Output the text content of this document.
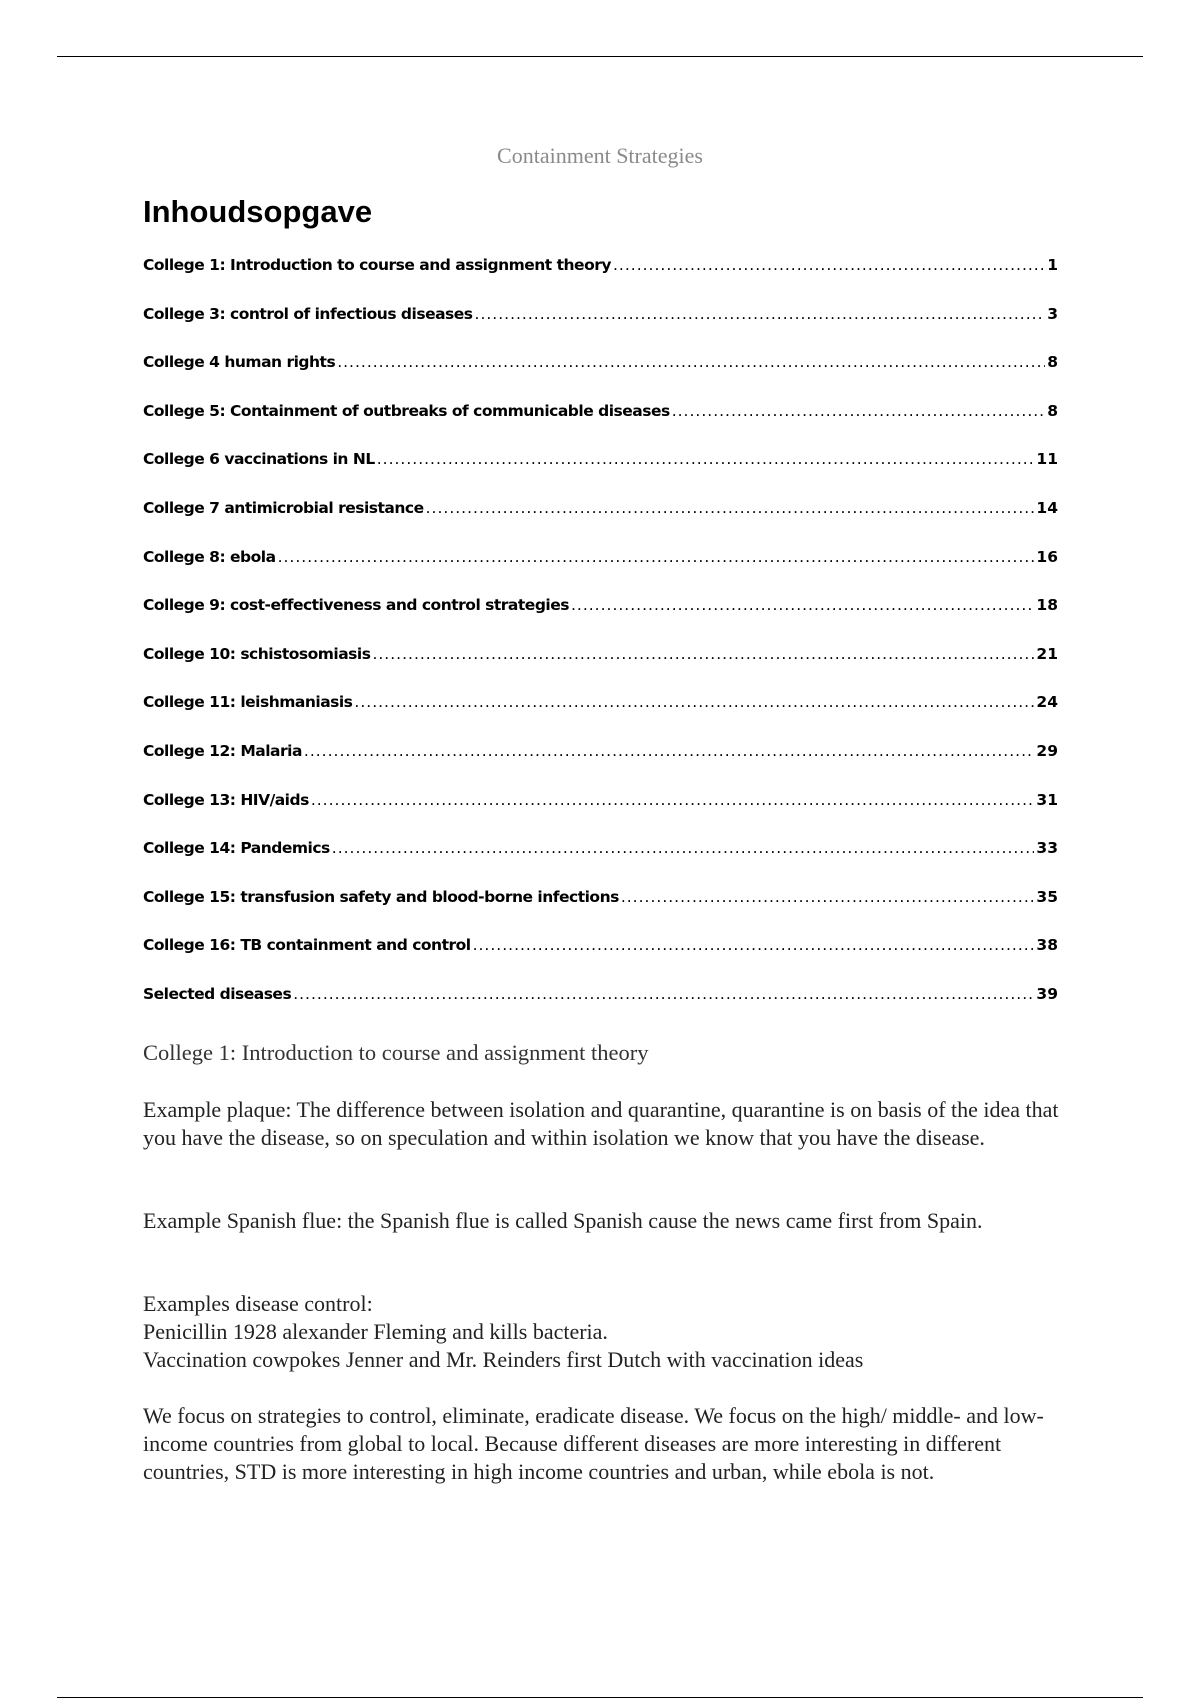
Containment Strategies
Inhoudsopgave
College 1: Introduction to course and assignment theory .....	1
College 3: control of infectious diseases .....	3
College 4 human rights .....	8
College 5: Containment of outbreaks of communicable diseases .....	8
College 6 vaccinations in NL .....	11
College 7 antimicrobial resistance .....	14
College 8: ebola .....	16
College 9: cost-effectiveness and control strategies .....	18
College 10: schistosomiasis .....	21
College 11: leishmaniasis .....	24
College 12: Malaria .....	29
College 13: HIV/aids .....	31
College 14: Pandemics .....	33
College 15: transfusion safety and blood-borne infections .....	35
College 16: TB containment and control .....	38
Selected diseases .....	39
College 1: Introduction to course and assignment theory

Example plaque: The difference between isolation and quarantine, quarantine is on basis of the idea that you have the disease, so on speculation and within isolation we know that you have the disease.

Example Spanish flue: the Spanish flue is called Spanish cause the news came first from Spain.

Examples disease control:
Penicillin 1928 alexander Fleming and kills bacteria.
Vaccination cowpokes Jenner and Mr. Reinders first Dutch with vaccination ideas

We focus on strategies to control, eliminate, eradicate disease. We focus on the high/ middle- and low-income countries from global to local. Because different diseases are more interesting in different countries, STD is more interesting in high income countries and urban, while ebola is not.
